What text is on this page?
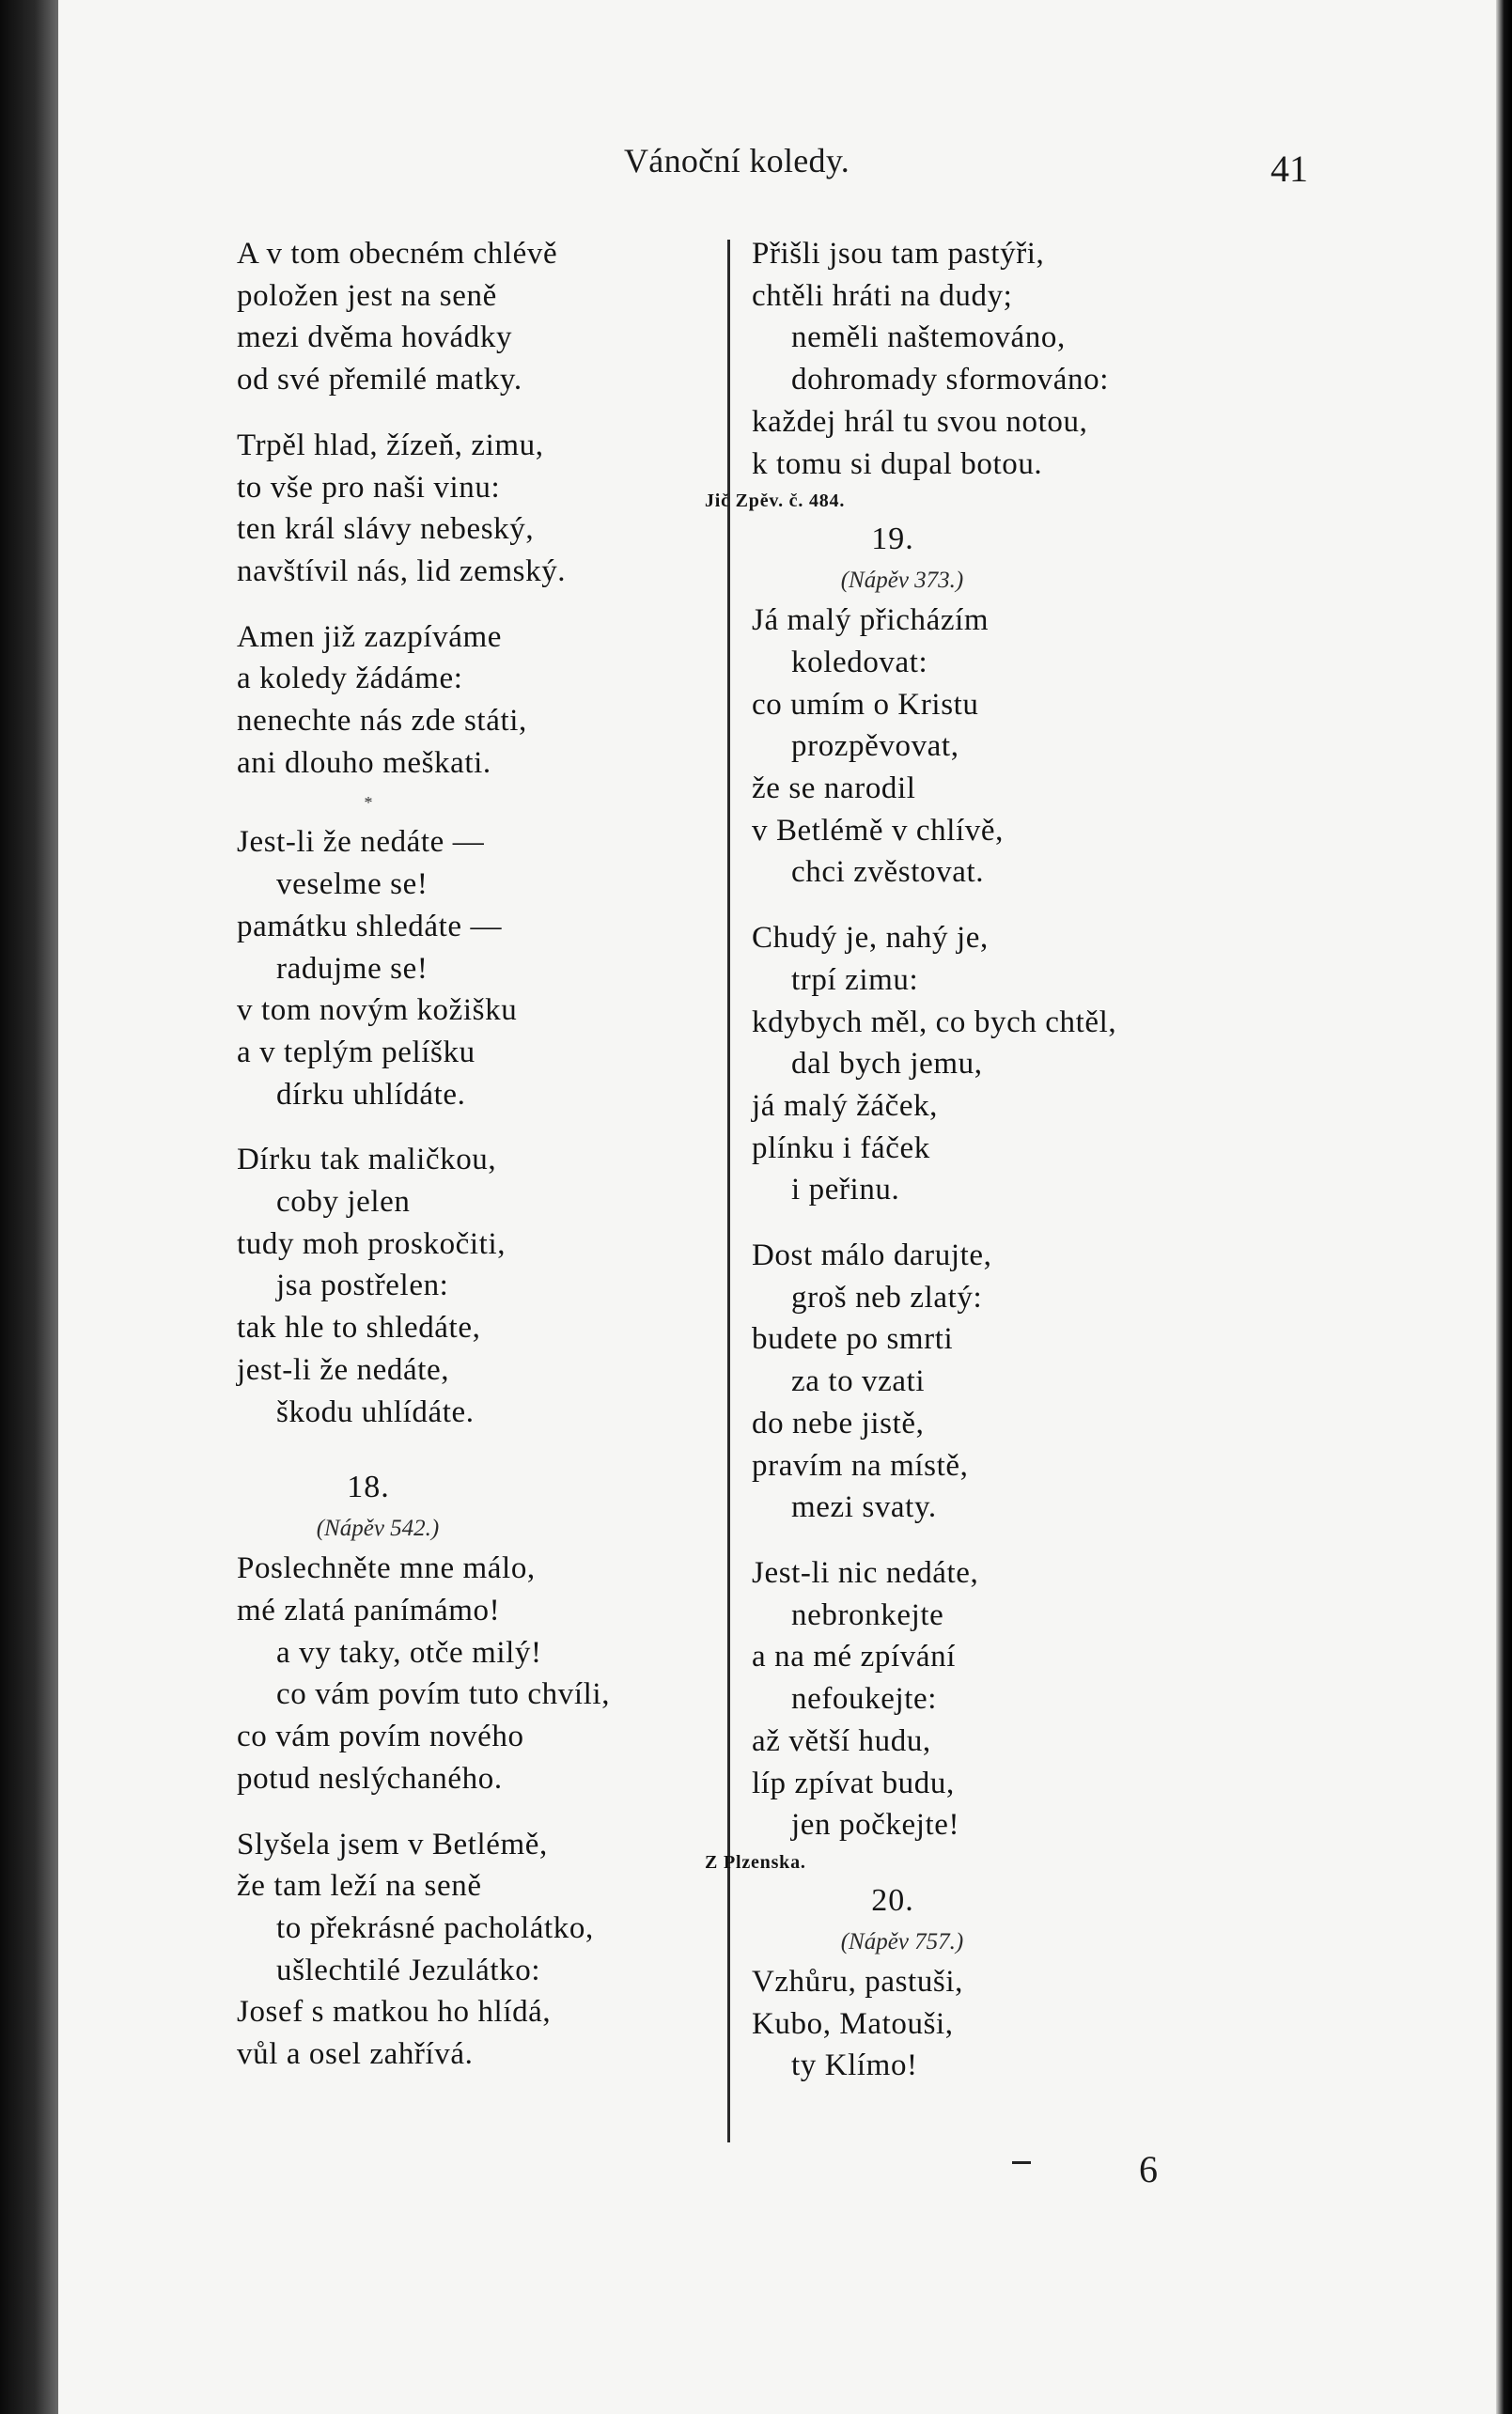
Vánoční koledy.	41
A v tom obecném chlévě
položen jest na seně
mezi dvěma hovádky
od své přemilé matky.
Trpěl hlad, žízeň, zimu,
to vše pro naši vinu:
ten král slávy nebeský,
navštívil nás, lid zemský.
Amen již zazpíváme
a koledy žádáme:
nenechte nás zde státi,
ani dlouho meškati.
*
Jest-li že nedáte —
veselme se!
památku shledáte —
radujme se!
v tom novým kožišku
a v teplým pelíšku
dírku uhlídáte.
Dírku tak maličkou,
coby jelen
tudy moh proskočiti,
jsa postřelen:
tak hle to shledáte,
jest-li že nedáte,
škodu uhlídáte.
18.
(Nápěv 542.)
Poslechněte mne málo,
mé zlatá panímámo!
a vy taky, otče milý!
co vám povím tuto chvíli,
co vám povím nového
potud neslýchaného.
Slyšela jsem v Betlémě,
že tam leží na seně
to překrásné pacholátko,
ušlechtilé Jezulátko:
Josef s matkou ho hlídá,
vůl a osel zahřívá.
Přišli jsou tam pastýři,
chtěli hráti na dudy;
neměli naštemováno,
dohromady sformováno:
každej hrál tu svou notou,
k tomu si dupal botou.
Jič Zpěv. č. 484.
19.
(Nápěv 373.)
Já malý přicházím
koledovat:
co umím o Kristu
prozpěvovat,
že se narodil
v Betlémě v chlívě,
chci zvěstovat.
Chudý je, nahý je,
trpí zimu:
kdybych měl, co bych chtěl,
dal bych jemu,
já malý žáček,
plínku i fáček
i peřinu.
Dost málo darujte,
groš neb zlatý:
budete po smrti
za to vzati
do nebe jistě,
pravím na místě,
mezi svaty.
Jest-li nic nedáte,
nebronkejte
a na mé zpívání
nefoukejte:
až větší hudu,
líp zpívat budu,
jen počkejte!
Z Plzenska.
20.
(Nápěv 757.)
Vzhůru, pastuši,
Kubo, Matouši,
ty Klímo!
6
